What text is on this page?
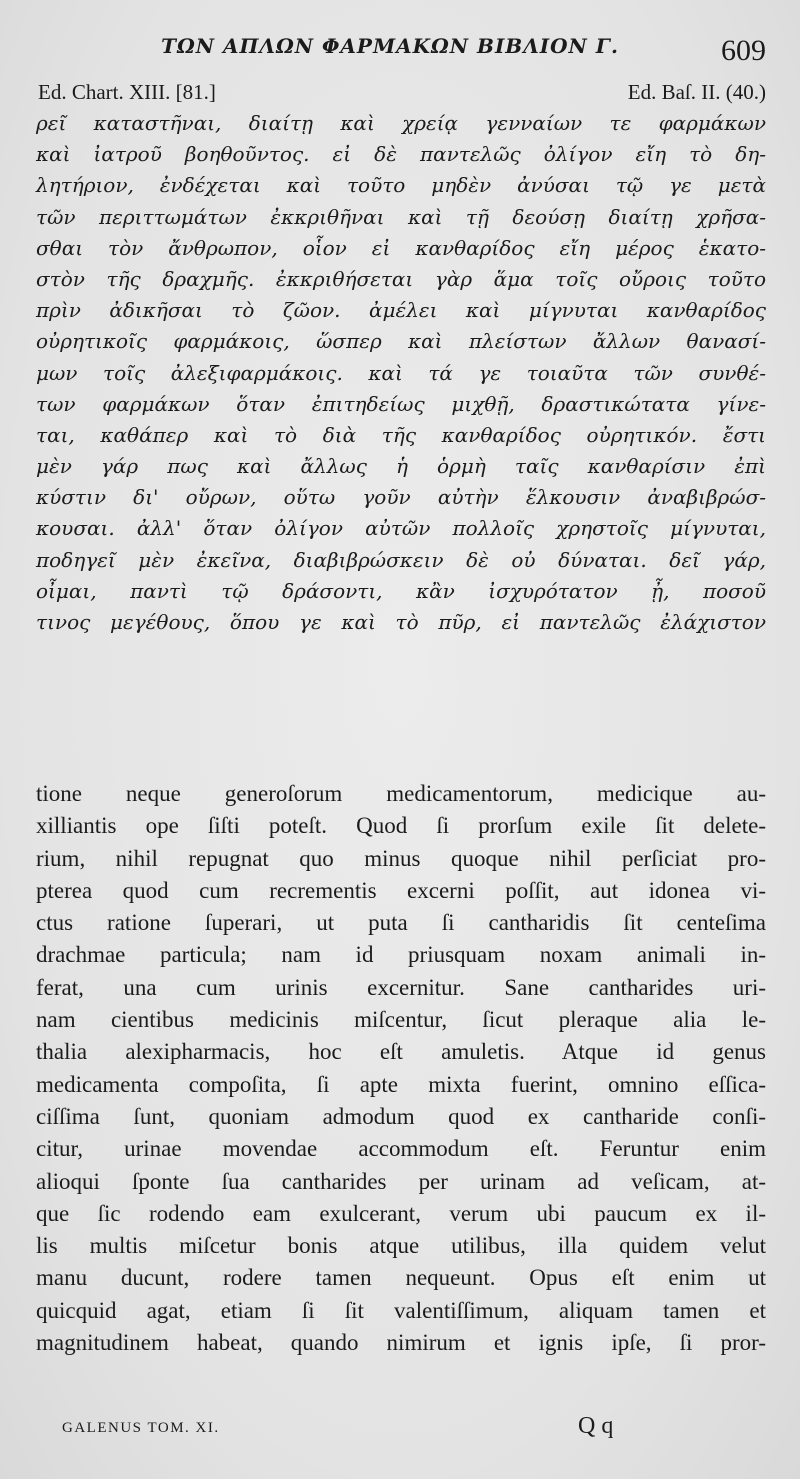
ΤΩΝ ΑΠΛΩΝ ΦΑΡΜΑΚΩΝ ΒΙΒΛΙΟΝ Γ.	609
Ed. Chart. XIII. [81.]	Ed. Baſ. II. (40.)
ρεῖ καταστῆναι, διαίτῃ καὶ χρείᾳ γενναίων τε φαρμάκων
καὶ ἰατροῦ βοηθοῦντος. εἰ δὲ παντελῶς ὀλίγον εἴη τὸ δη-
λητήριον, ἐνδέχεται καὶ τοῦτο μηδὲν ἀνύσαι τῷ γε μετὰ
τῶν περιττωμάτων ἐκκριθῆναι καὶ τῇ δεούσῃ διαίτῃ χρῆσα-
σθαι τὸν ἄνθρωπον, οἷον εἰ κανθαρίδος εἴη μέρος ἑκατο-
στὸν τῆς δραχμῆς. ἐκκριθήσεται γὰρ ἅμα τοῖς οὔροις τοῦτο
πρὶν ἀδικῆσαι τὸ ζῶον. ἀμέλει καὶ μίγνυται κανθαρίδος
οὐρητικοῖς φαρμάκοις, ὥσπερ καὶ πλείστων ἄλλων θανασί-
μων τοῖς ἀλεξιφαρμάκοις. καὶ τά γε τοιαῦτα τῶν συνθέ-
των φαρμάκων ὅταν ἐπιτηδείως μιχθῇ, δραστικώτατα γίνε-
ται, καθάπερ καὶ τὸ διὰ τῆς κανθαρίδος οὐρητικόν. ἔστι
μὲν γάρ πως καὶ ἄλλως ἡ ὁρμὴ ταῖς κανθαρίσιν ἐπὶ
κύστιν δι' οὔρων, οὕτω γοῦν αὐτὴν ἕλκουσιν ἀναβιβρώσ-
κουσαι. ἀλλ' ὅταν ὀλίγον αὐτῶν πολλοῖς χρηστοῖς μίγνυται,
ποδηγεῖ μὲν ἐκεῖνα, διαβιβρώσκειν δὲ οὐ δύναται. δεῖ γάρ,
οἶμαι, παντὶ τῷ δράσοντι, κἂν ἰσχυρότατον ᾖ, ποσοῦ
τινος μεγέθους, ὅπου γε καὶ τὸ πῦρ, εἰ παντελῶς ἐλάχιστον
tione neque generoſorum medicamentorum, medicique au-
xilliantis ope ſiſti poteſt. Quod ſi prorſum exile ſit delete-
rium, nihil repugnat quo minus quoque nihil perſiciat pro-
pterea quod cum recrementis excerni poſſit, aut idonea vi-
ctus ratione ſuperari, ut puta ſi cantharidis ſit centeſima
drachmae particula; nam id priusquam noxam animali in-
ferat, una cum urinis excernitur. Sane cantharides uri-
nam cientibus medicinis miſcentur, ſicut pleraque alia le-
thalia alexipharmacis, hoc eſt amuletis. Atque id genus
medicamenta compoſita, ſi apte mixta fuerint, omnino eſſica-
ciſſima ſunt, quoniam admodum quod ex cantharide conſi-
citur, urinae movendae accommodum eſt. Feruntur enim
alioqui ſponte ſua cantharides per urinam ad veſicam, at-
que ſic rodendo eam exulcerant, verum ubi paucum ex il-
lis multis miſcetur bonis atque utilibus, illa quidem velut
manu ducunt, rodere tamen nequeunt. Opus eſt enim ut
quicquid agat, etiam ſi ſit valentiſſimum, aliquam tamen et
magnitudinem habeat, quando nimirum et ignis ipſe, ſi pror-
GALENUS TOM. XI.	Q q
